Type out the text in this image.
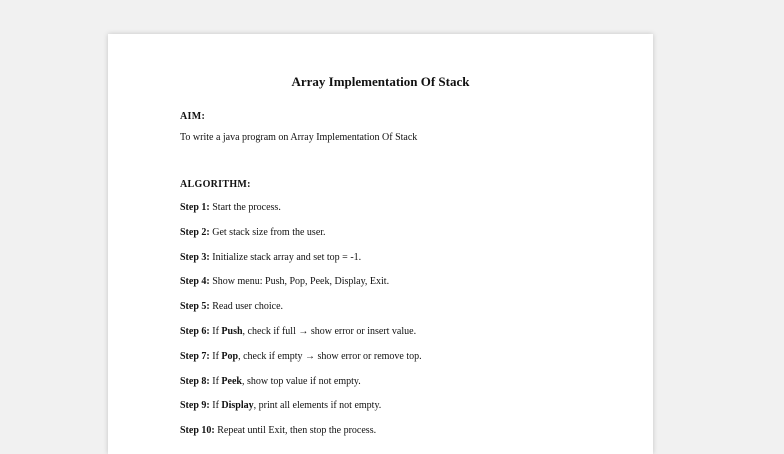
Array Implementation Of Stack
AIM:
To write a java program on Array Implementation Of Stack
ALGORITHM:
Step 1: Start the process.
Step 2: Get stack size from the user.
Step 3: Initialize stack array and set top = -1.
Step 4: Show menu: Push, Pop, Peek, Display, Exit.
Step 5: Read user choice.
Step 6: If Push, check if full → show error or insert value.
Step 7: If Pop, check if empty → show error or remove top.
Step 8: If Peek, show top value if not empty.
Step 9: If Display, print all elements if not empty.
Step 10: Repeat until Exit, then stop the process.
